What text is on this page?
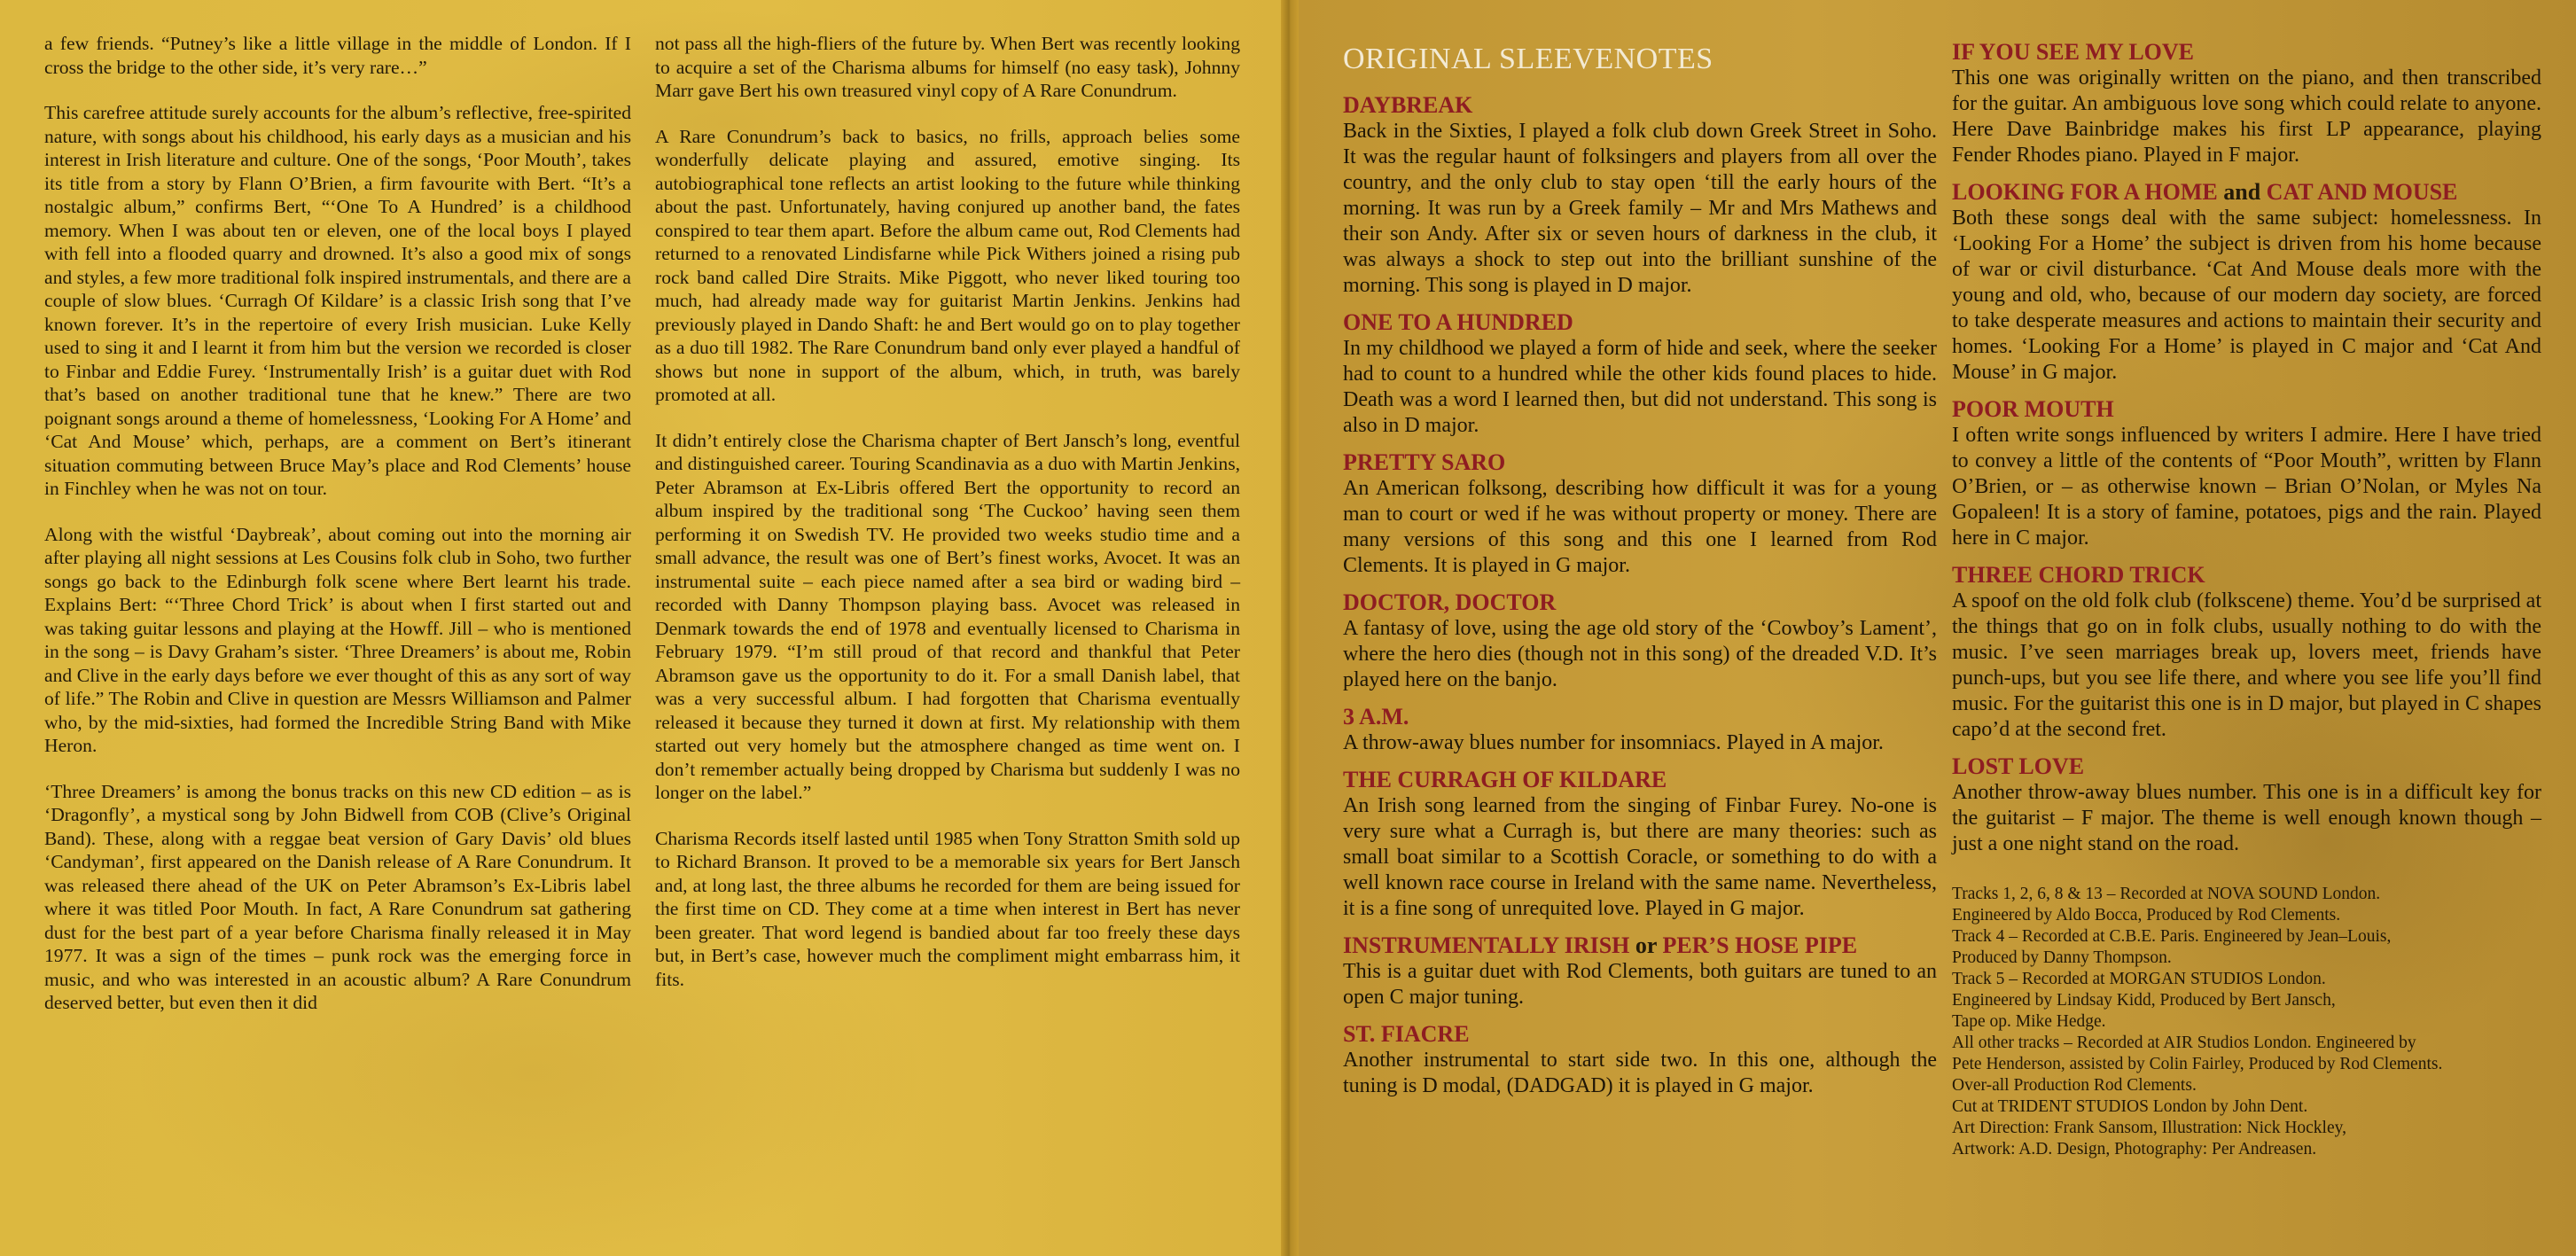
a few friends. “Putney’s like a little village in the middle of London. If I cross the bridge to the other side, it’s very rare…”

This carefree attitude surely accounts for the album’s reflective, free-spirited nature, with songs about his childhood, his early days as a musician and his interest in Irish literature and culture. One of the songs, ‘Poor Mouth’, takes its title from a story by Flann O’Brien, a firm favourite with Bert. “It’s a nostalgic album,” confirms Bert, “‘One To A Hundred’ is a childhood memory. When I was about ten or eleven, one of the local boys I played with fell into a flooded quarry and drowned. It’s also a good mix of songs and styles, a few more traditional folk inspired instrumentals, and there are a couple of slow blues. ‘Curragh Of Kildare’ is a classic Irish song that I’ve known forever. It’s in the repertoire of every Irish musician. Luke Kelly used to sing it and I learnt it from him but the version we recorded is closer to Finbar and Eddie Furey. ‘Instrumentally Irish’ is a guitar duet with Rod that’s based on another traditional tune that he knew.” There are two poignant songs around a theme of homelessness, ‘Looking For A Home’ and ‘Cat And Mouse’ which, perhaps, are a comment on Bert’s itinerant situation commuting between Bruce May’s place and Rod Clements’ house in Finchley when he was not on tour.

Along with the wistful ‘Daybreak’, about coming out into the morning air after playing all night sessions at Les Cousins folk club in Soho, two further songs go back to the Edinburgh folk scene where Bert learnt his trade. Explains Bert: “‘Three Chord Trick’ is about when I first started out and was taking guitar lessons and playing at the Howff. Jill – who is mentioned in the song – is Davy Graham’s sister. ‘Three Dreamers’ is about me, Robin and Clive in the early days before we ever thought of this as any sort of way of life.” The Robin and Clive in question are Messrs Williamson and Palmer who, by the mid-sixties, had formed the Incredible String Band with Mike Heron.

‘Three Dreamers’ is among the bonus tracks on this new CD edition – as is ‘Dragonfly’, a mystical song by John Bidwell from COB (Clive’s Original Band). These, along with a reggae beat version of Gary Davis’ old blues ‘Candyman’, first appeared on the Danish release of A Rare Conundrum. It was released there ahead of the UK on Peter Abramson’s Ex-Libris label where it was titled Poor Mouth. In fact, A Rare Conundrum sat gathering dust for the best part of a year before Charisma finally released it in May 1977. It was a sign of the times – punk rock was the emerging force in music, and who was interested in an acoustic album? A Rare Conundrum deserved better, but even then it did

not pass all the high-fliers of the future by. When Bert was recently looking to acquire a set of the Charisma albums for himself (no easy task), Johnny Marr gave Bert his own treasured vinyl copy of A Rare Conundrum.

A Rare Conundrum’s back to basics, no frills, approach belies some wonderfully delicate playing and assured, emotive singing. Its autobiographical tone reflects an artist looking to the future while thinking about the past. Unfortunately, having conjured up another band, the fates conspired to tear them apart. Before the album came out, Rod Clements had returned to a renovated Lindisfarne while Pick Withers joined a rising pub rock band called Dire Straits. Mike Piggott, who never liked touring too much, had already made way for guitarist Martin Jenkins. Jenkins had previously played in Dando Shaft: he and Bert would go on to play together as a duo till 1982. The Rare Conundrum band only ever played a handful of shows but none in support of the album, which, in truth, was barely promoted at all.

It didn’t entirely close the Charisma chapter of Bert Jansch’s long, eventful and distinguished career. Touring Scandinavia as a duo with Martin Jenkins, Peter Abramson at Ex-Libris offered Bert the opportunity to record an album inspired by the traditional song ‘The Cuckoo’ having seen them performing it on Swedish TV. He provided two weeks studio time and a small advance, the result was one of Bert’s finest works, Avocet. It was an instrumental suite – each piece named after a sea bird or wading bird – recorded with Danny Thompson playing bass. Avocet was released in Denmark towards the end of 1978 and eventually licensed to Charisma in February 1979. “I’m still proud of that record and thankful that Peter Abramson gave us the opportunity to do it. For a small Danish label, that was a very successful album. I had forgotten that Charisma eventually released it because they turned it down at first. My relationship with them started out very homely but the atmosphere changed as time went on. I don’t remember actually being dropped by Charisma but suddenly I was no longer on the label.”

Charisma Records itself lasted until 1985 when Tony Stratton Smith sold up to Richard Branson. It proved to be a memorable six years for Bert Jansch and, at long last, the three albums he recorded for them are being issued for the first time on CD. They come at a time when interest in Bert has never been greater. That word legend is bandied about far too freely these days but, in Bert’s case, however much the compliment might embarrass him, it fits.

ORIGINAL SLEEVENOTES

DAYBREAK

Back in the Sixties, I played a folk club down Greek Street in Soho. It was the regular haunt of folksingers and players from all over the country, and the only club to stay open ‘till the early hours of the morning. It was run by a Greek family – Mr and Mrs Mathews and their son Andy. After six or seven hours of darkness in the club, it was always a shock to step out into the brilliant sunshine of the morning. This song is played in D major.

ONE TO A HUNDRED

In my childhood we played a form of hide and seek, where the seeker had to count to a hundred while the other kids found places to hide. Death was a word I learned then, but did not understand. This song is also in D major.

PRETTY SARO

An American folksong, describing how difficult it was for a young man to court or wed if he was without property or money. There are many versions of this song and this one I learned from Rod Clements. It is played in G major.

DOCTOR, DOCTOR

A fantasy of love, using the age old story of the ‘Cowboy’s Lament’, where the hero dies (though not in this song) of the dreaded V.D. It’s played here on the banjo.

3 A.M.

A throw-away blues number for insomniacs. Played in A major.

THE CURRAGH OF KILDARE

An Irish song learned from the singing of Finbar Furey. No-one is very sure what a Curragh is, but there are many theories: such as small boat similar to a Scottish Coracle, or something to do with a well known race course in Ireland with the same name. Nevertheless, it is a fine song of unrequited love. Played in G major.

INSTRUMENTALLY IRISH or PER’S HOSE PIPE

This is a guitar duet with Rod Clements, both guitars are tuned to an open C major tuning.

ST. FIACRE

Another instrumental to start side two. In this one, although the tuning is D modal, (DADGAD) it is played in G major.

IF YOU SEE MY LOVE

This one was originally written on the piano, and then transcribed for the guitar. An ambiguous love song which could relate to anyone. Here Dave Bainbridge makes his first LP appearance, playing Fender Rhodes piano. Played in F major.

LOOKING FOR A HOME and CAT AND MOUSE

Both these songs deal with the same subject: homelessness. In ‘Looking For a Home’ the subject is driven from his home because of war or civil disturbance. ‘Cat And Mouse deals more with the young and old, who, because of our modern day society, are forced to take desperate measures and actions to maintain their security and homes. ‘Looking For a Home’ is played in C major and ‘Cat And Mouse’ in G major.

POOR MOUTH

I often write songs influenced by writers I admire. Here I have tried to convey a little of the contents of “Poor Mouth”, written by Flann O’Brien, or – as otherwise known – Brian O’Nolan, or Myles Na Gopaleen! It is a story of famine, potatoes, pigs and the rain. Played here in C major.

THREE CHORD TRICK

A spoof on the old folk club (folkscene) theme. You’d be surprised at the things that go on in folk clubs, usually nothing to do with the music. I’ve seen marriages break up, lovers meet, friends have punch-ups, but you see life there, and where you see life you’ll find music. For the guitarist this one is in D major, but played in C shapes capo’d at the second fret.

LOST LOVE

Another throw-away blues number. This one is in a difficult key for the guitarist – F major. The theme is well enough known though – just a one night stand on the road.

Tracks 1, 2, 6, 8 & 13 – Recorded at NOVA SOUND London.

Engineered by Aldo Bocca, Produced by Rod Clements.

Track 4 – Recorded at C.B.E. Paris. Engineered by Jean–Louis,

Produced by Danny Thompson.

Track 5 – Recorded at MORGAN STUDIOS London.

Engineered by Lindsay Kidd, Produced by Bert Jansch,

Tape op. Mike Hedge.

All other tracks – Recorded at AIR Studios London. Engineered by

Pete Henderson, assisted by Colin Fairley, Produced by Rod Clements.

Over-all Production Rod Clements.

Cut at TRIDENT STUDIOS London by John Dent.

Art Direction: Frank Sansom, Illustration: Nick Hockley,

Artwork: A.D. Design, Photography: Per Andreasen.
